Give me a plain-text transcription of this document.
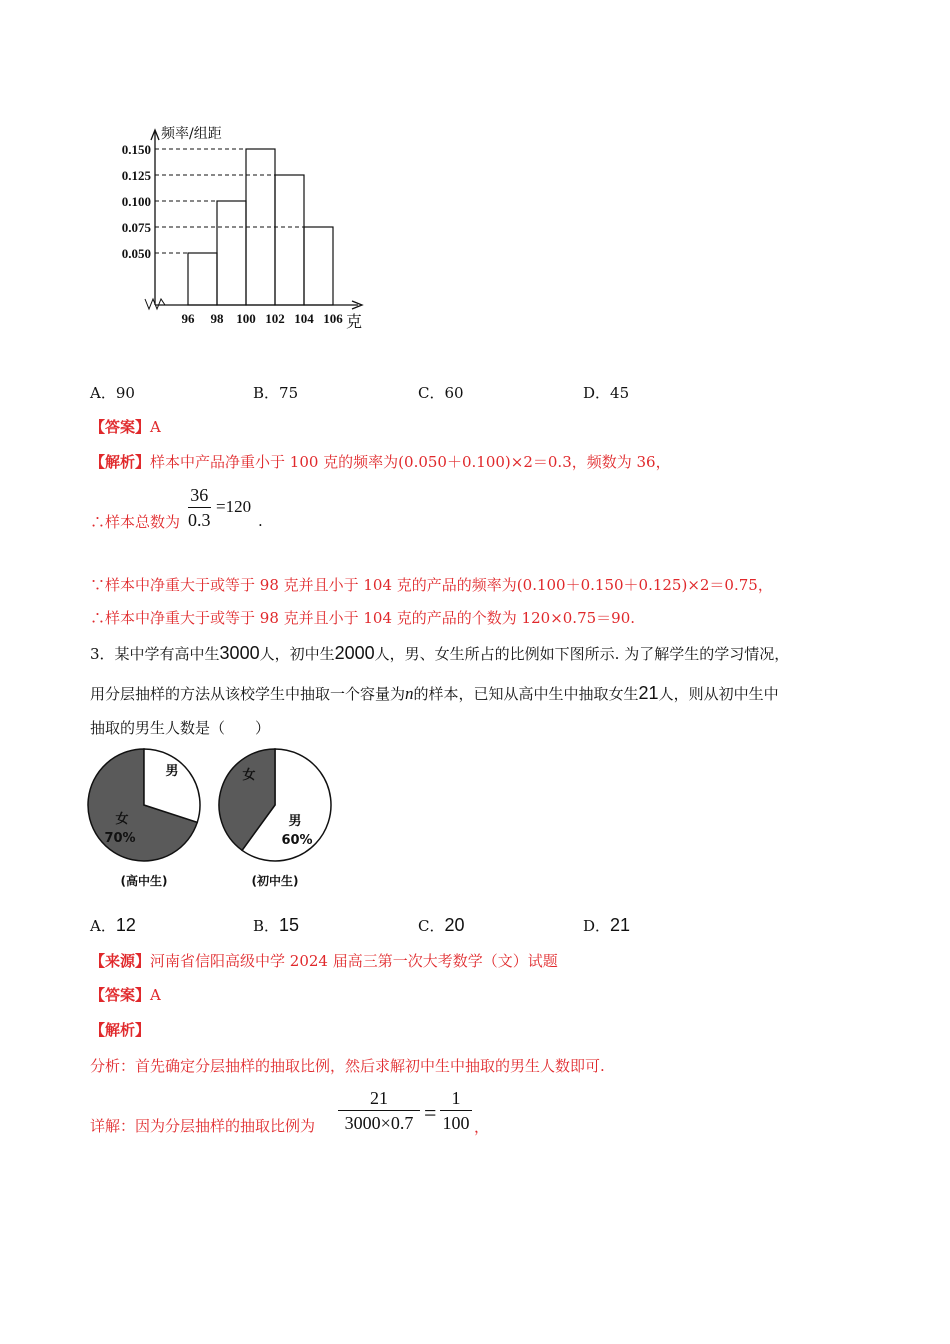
频率/组距
克
0.050
0.075
0.100
0.125
0.150
96 98 100 102 104 106
A．90	B．75	C．60	D．45
【答案】A
【解析】样本中产品净重小于 100 克的频率为(0.050＋0.100)×2＝0.3，频数为 36，
∴样本总数为
36
0.3
=120
.
∵样本中净重大于或等于 98 克并且小于 104 克的产品的频率为(0.100＋0.150＋0.125)×2＝0.75，
∴样本中净重大于或等于 98 克并且小于 104 克的产品的个数为 120×0.75＝90.
3．某中学有高中生3000人，初中生2000人，男、女生所占的比例如下图所示. 为了解学生的学习情况，
用分层抽样的方法从该校学生中抽取一个容量为n的样本，已知从高中生中抽取女生21人，则从初中生中
抽取的男生人数是（　　）
男
女
70%
(高中生)
女
男
60%
(初中生)
A．12	B．15	C．20	D．21
【来源】河南省信阳高级中学 2024 届高三第一次大考数学（文）试题
【答案】A
【解析】
分析：首先确定分层抽样的抽取比例，然后求解初中生中抽取的男生人数即可.
详解：因为分层抽样的抽取比例为
21
3000×0.7 =
1
100 ，
